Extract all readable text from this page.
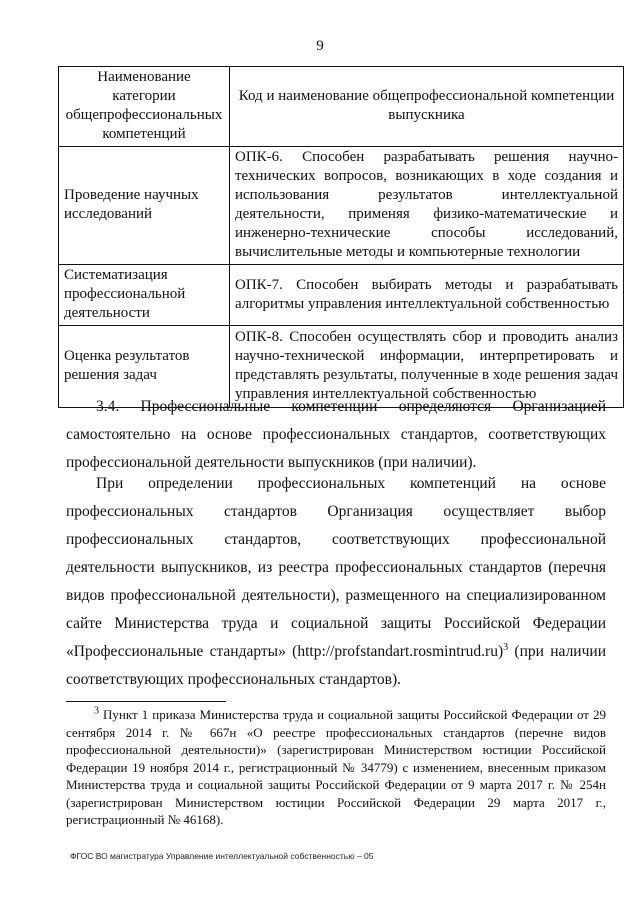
9
Наименование категории общепрофессиональных компетенций	Код и наименование общепрофессиональной компетенции выпускника
Проведение научных исследований	ОПК-6. Способен разрабатывать решения научно-технических вопросов, возникающих в ходе создания и использования результатов интеллектуальной деятельности, применяя физико-математические и инженерно-технические способы исследований, вычислительные методы и компьютерные технологии
Систематизация профессиональной деятельности	ОПК-7. Способен выбирать методы и разрабатывать алгоритмы управления интеллектуальной собственностью
Оценка результатов решения задач	ОПК-8. Способен осуществлять сбор и проводить анализ научно-технической информации, интерпретировать и представлять результаты, полученные в ходе решения задач управления интеллектуальной собственностью

3.4. Профессиональные компетенции определяются Организацией самостоятельно на основе профессиональных стандартов, соответствующих профессиональной деятельности выпускников (при наличии).

При определении профессиональных компетенций на основе профессиональных стандартов Организация осуществляет выбор профессиональных стандартов, соответствующих профессиональной деятельности выпускников, из реестра профессиональных стандартов (перечня видов профессиональной деятельности), размещенного на специализированном сайте Министерства труда и социальной защиты Российской Федерации «Профессиональные стандарты» (http://profstandart.rosmintrud.ru)$^3$ (при наличии соответствующих профессиональных стандартов).

$^3$ Пункт 1 приказа Министерства труда и социальной защиты Российской Федерации от 29 сентября 2014 г. № 667н «О реестре профессиональных стандартов (перечне видов профессиональной деятельности)» (зарегистрирован Министерством юстиции Российской Федерации 19 ноября 2014 г., регистрационный № 34779) с изменением, внесенным приказом Министерства труда и социальной защиты Российской Федерации от 9 марта 2017 г. № 254н (зарегистрирован Министерством юстиции Российской Федерации 29 марта 2017 г., регистрационный № 46168).

ФГОС ВО магистратура Управление интеллектуальной собственностью – 05
